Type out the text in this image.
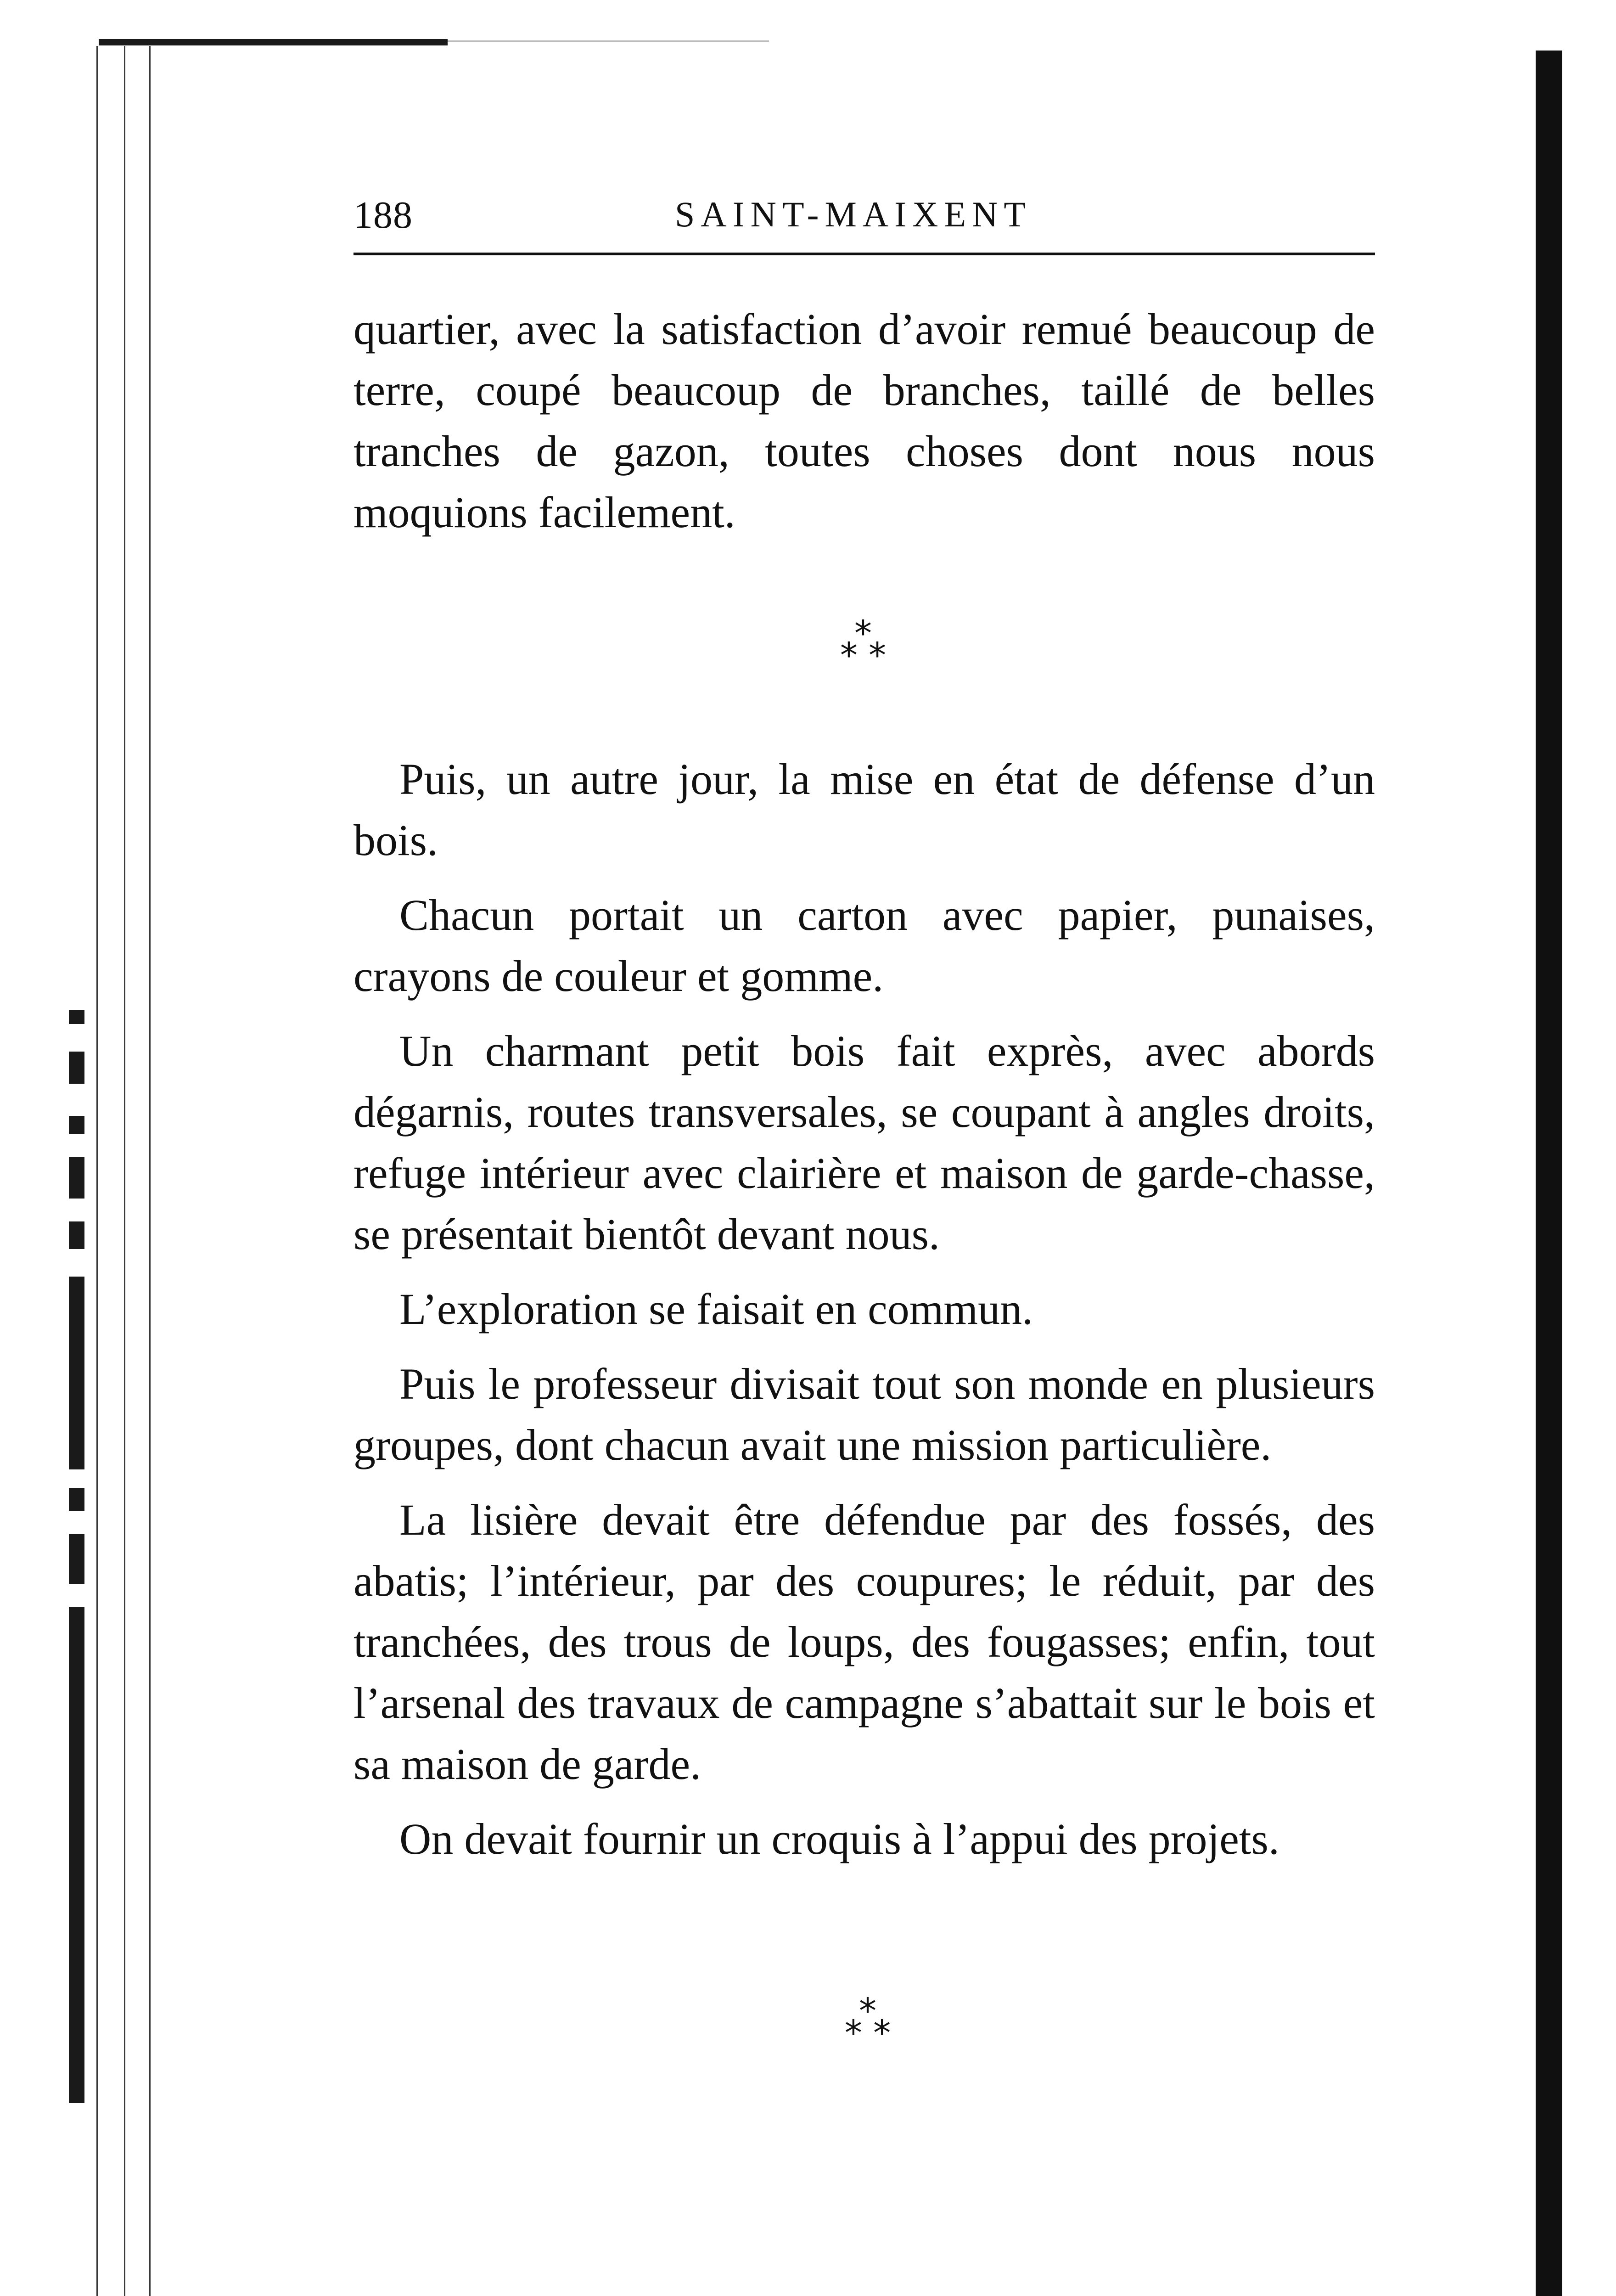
188	SAINT-MAIXENT

quartier, avec la satisfaction d’avoir remué beaucoup de terre, coupé beaucoup de branches, taillé de belles tranches de gazon, toutes choses dont nous nous moquions facilement.

*
* *

Puis, un autre jour, la mise en état de défense d’un bois.

Chacun portait un carton avec papier, punaises, crayons de couleur et gomme.

Un charmant petit bois fait exprès, avec abords dégarnis, routes transversales, se coupant à angles droits, refuge intérieur avec clairière et maison de garde-chasse, se présentait bientôt devant nous.

L’exploration se faisait en commun.

Puis le professeur divisait tout son monde en plusieurs groupes, dont chacun avait une mission particulière.

La lisière devait être défendue par des fossés, des abatis; l’intérieur, par des coupures; le réduit, par des tranchées, des trous de loups, des fougasses; enfin, tout l’arsenal des travaux de campagne s’abattait sur le bois et sa maison de garde.

On devait fournir un croquis à l’appui des projets.

*
* *
